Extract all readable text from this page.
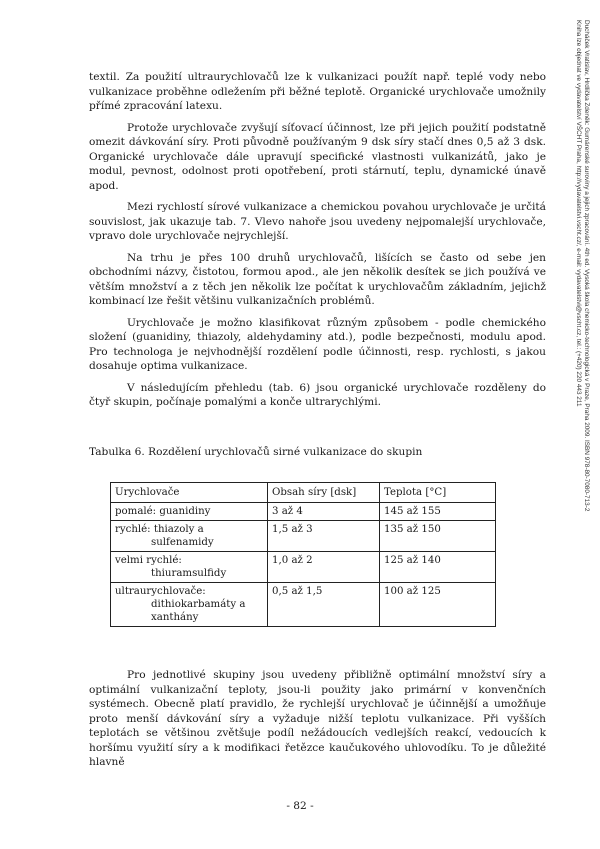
textil. Za použití ultraurychlovačů lze k vulkanizaci použít např. teplé vody nebo vulkanizace proběhne odležením při běžné teplotě. Organické urychlovače umožnily přímé zpracování latexu.

Protože urychlovače zvyšují síťovací účinnost, lze při jejich použití podstatně omezit dávkování síry. Proti původně používaným 9 dsk síry stačí dnes 0,5 až 3 dsk. Organické urychlovače dále upravují specifické vlastnosti vulkanizátů, jako je modul, pevnost, odolnost proti opotřebení, proti stárnutí, teplu, dynamické únavě apod.

Mezi rychlostí sírové vulkanizace a chemickou povahou urychlovače je určitá souvislost, jak ukazuje tab. 7. Vlevo nahoře jsou uvedeny nejpomalejší urychlovače, vpravo dole urychlovače nejrychlejší.

Na trhu je přes 100 druhů urychlovačů, lišících se často od sebe jen obchodními názvy, čistotou, formou apod., ale jen několik desítek se jich používá ve větším množství a z těch jen několik lze počítat k urychlovačům základním, jejichž kombinací lze řešit většinu vulkanizačních problémů.

Urychlovače je možno klasifikovat různým způsobem - podle chemického složení (guanidiny, thiazoly, aldehydaminy atd.), podle bezpečnosti, modulu apod. Pro technologa je nejvhodnější rozdělení podle účinnosti, resp. rychlosti, s jakou dosahuje optima vulkanizace.

V následujícím přehledu (tab. 6) jsou organické urychlovače rozděleny do čtyř skupin, počínaje pomalými a konče ultrarychlými.

Tabulka 6. Rozdělení urychlovačů sirné vulkanizace do skupin
Urychlovače	Obsah síry [dsk]	Teplota [°C]

pomalé: guanidiny	3 až 4	145 až 155

rychlé: thiazoly a
sulfenamidy	1,5 až 3	135 až 150

velmi rychlé:
thiuramsulfidy	1,0 až 2	125 až 140

ultraurychlovače:
dithiokarbamáty a xanthány	0,5 až 1,5	100 až 125

Pro jednotlivé skupiny jsou uvedeny přibližně optimální množství síry a optimální vulkanizační teploty, jsou-li použity jako primární v konvenčních systémech. Obecně platí pravidlo, že rychlejší urychlovač je účinnější a umožňuje proto menší dávkování síry a vyžaduje nižší teplotu vulkanizace. Při vyšších teplotách se většinou zvětšuje podíl nežádoucích vedlejších reakcí, vedoucích k horšímu využití síry a k modifikaci řetězce kaučukového uhlovodíku. To je důležité hlavně

- 82 -
Ducháček Vratislav, Hrdlička Zdeněk: Gumárenské suroviny a jejich zpracování. 4th ed. Vysoká škola chemicko-technologická v Praze, Praha 2009. ISBN 978-80-7080-713-2
Kniha lze objednat ve vydavatelství VŠCHT Praha, http://vydavatelstvi.vscht.cz/, e-mail: vydavatelstvi@vscht.cz, tel.: (+420) 220 443 211
